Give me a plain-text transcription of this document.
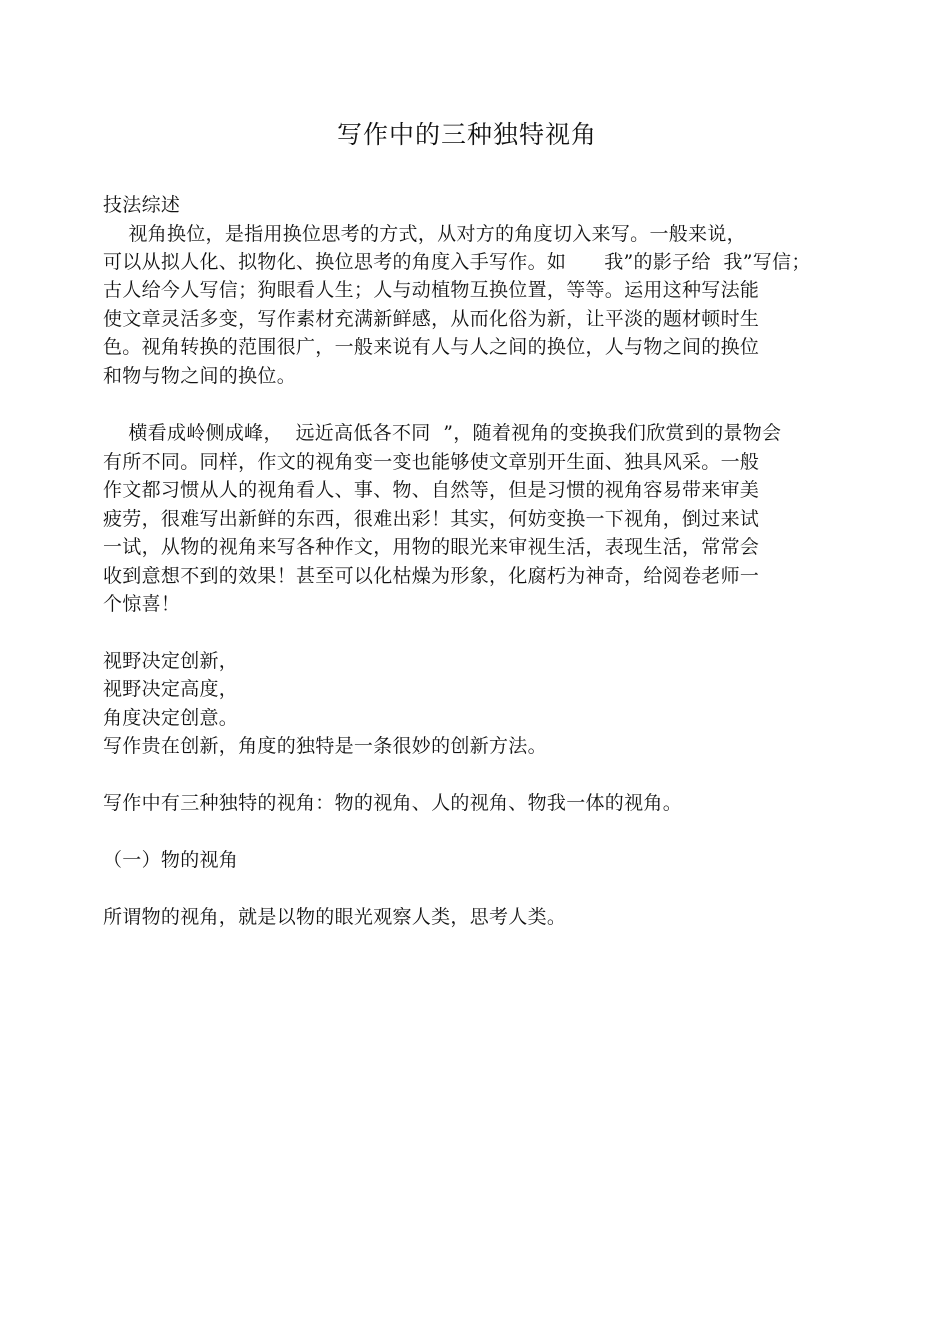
写作中的三种独特视角
技法综述
视角换位，是指用换位思考的方式，从对方的角度切入来写。一般来说，
可以从拟人化、拟物化、换位思考的角度入手写作。如      我”的影子给  我”写信；
古人给今人写信；狗眼看人生；人与动植物互换位置，等等。运用这种写法能
使文章灵活多变，写作素材充满新鲜感，从而化俗为新，让平淡的题材顿时生
色。视角转换的范围很广，一般来说有人与人之间的换位，人与物之间的换位
和物与物之间的换位。
横看成岭侧成峰，  远近高低各不同  ”，随着视角的变换我们欣赏到的景物会
有所不同。同样，作文的视角变一变也能够使文章别开生面、独具风采。一般
作文都习惯从人的视角看人、事、物、自然等，但是习惯的视角容易带来审美
疲劳，很难写出新鲜的东西，很难出彩！其实，何妨变换一下视角，倒过来试
一试，从物的视角来写各种作文，用物的眼光来审视生活，表现生活，常常会
收到意想不到的效果！甚至可以化枯燥为形象，化腐朽为神奇，给阅卷老师一
个惊喜！
视野决定创新，
视野决定高度，
角度决定创意。
写作贵在创新，角度的独特是一条很妙的创新方法。
写作中有三种独特的视角：物的视角、人的视角、物我一体的视角。
（一）物的视角
所谓物的视角，就是以物的眼光观察人类，思考人类。
